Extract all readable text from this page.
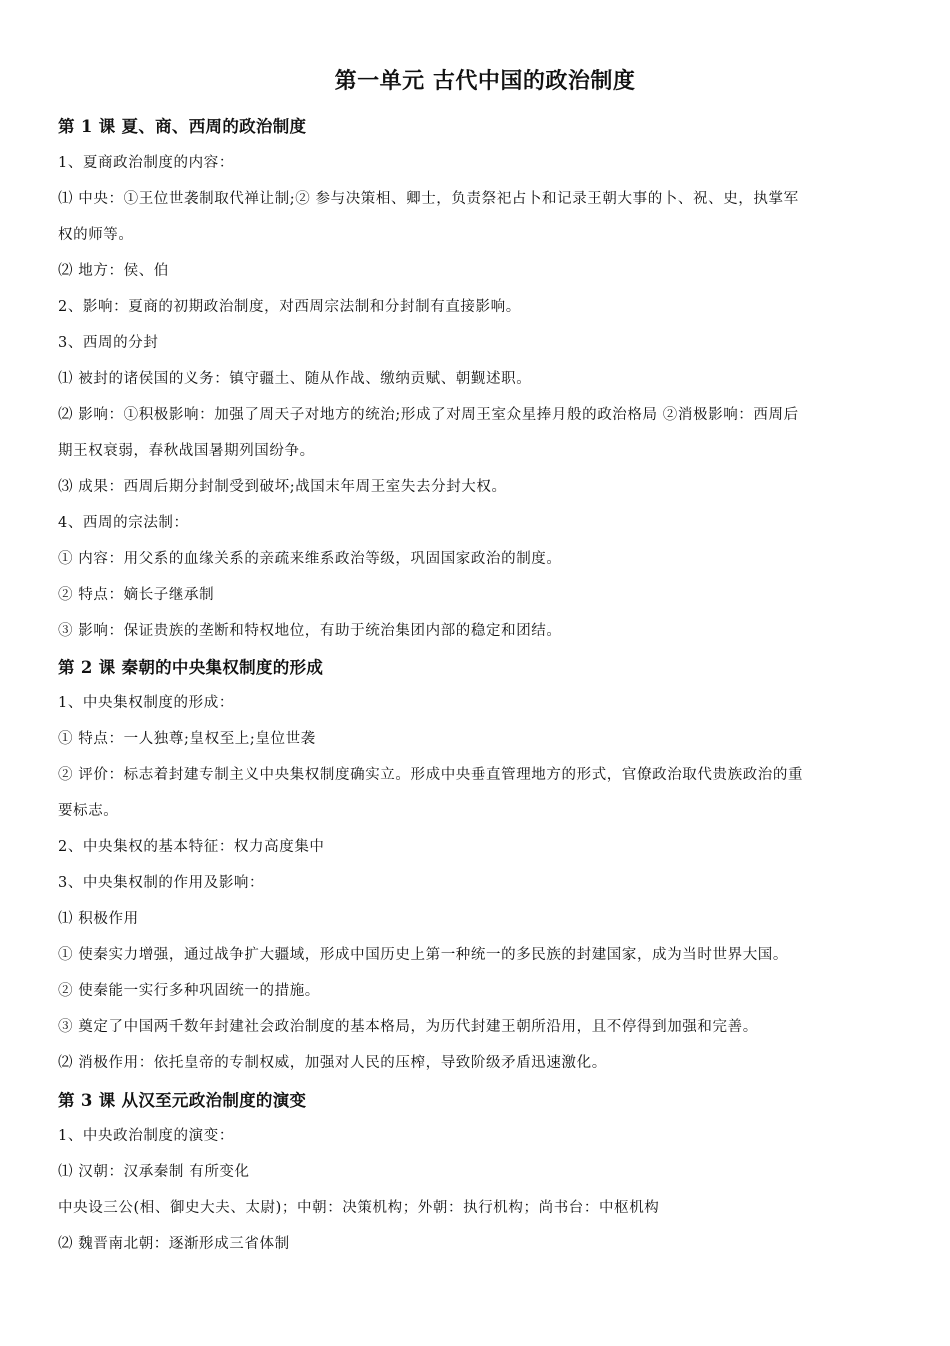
第一单元 古代中国的政治制度
第 1 课 夏、商、西周的政治制度
1、夏商政治制度的内容：
⑴ 中央：①王位世袭制取代禅让制;② 参与决策相、卿士，负责祭祀占卜和记录王朝大事的卜、祝、史，执掌军
权的师等。
⑵ 地方：侯、伯
2、影响：夏商的初期政治制度，对西周宗法制和分封制有直接影响。
3、西周的分封
⑴ 被封的诸侯国的义务：镇守疆土、随从作战、缴纳贡赋、朝觐述职。
⑵ 影响：①积极影响：加强了周天子对地方的统治;形成了对周王室众星捧月般的政治格局 ②消极影响：西周后
期王权衰弱，春秋战国暑期列国纷争。
⑶ 成果：西周后期分封制受到破坏;战国末年周王室失去分封大权。
4、西周的宗法制：
① 内容：用父系的血缘关系的亲疏来维系政治等级，巩固国家政治的制度。
② 特点：嫡长子继承制
③ 影响：保证贵族的垄断和特权地位，有助于统治集团内部的稳定和团结。
第 2 课 秦朝的中央集权制度的形成
1、中央集权制度的形成：
① 特点：一人独尊;皇权至上;皇位世袭
② 评价：标志着封建专制主义中央集权制度确实立。形成中央垂直管理地方的形式，官僚政治取代贵族政治的重
要标志。
2、中央集权的基本特征：权力高度集中
3、中央集权制的作用及影响：
⑴ 积极作用
① 使秦实力增强，通过战争扩大疆域，形成中国历史上第一种统一的多民族的封建国家，成为当时世界大国。
② 使秦能一实行多种巩固统一的措施。
③ 奠定了中国两千数年封建社会政治制度的基本格局，为历代封建王朝所沿用，且不停得到加强和完善。
⑵ 消极作用：依托皇帝的专制权威，加强对人民的压榨，导致阶级矛盾迅速激化。
第 3 课 从汉至元政治制度的演变
1、中央政治制度的演变：
⑴ 汉朝：汉承秦制 有所变化
中央设三公(相、御史大夫、太尉)；中朝：决策机构；外朝：执行机构；尚书台：中枢机构
⑵ 魏晋南北朝：逐渐形成三省体制
